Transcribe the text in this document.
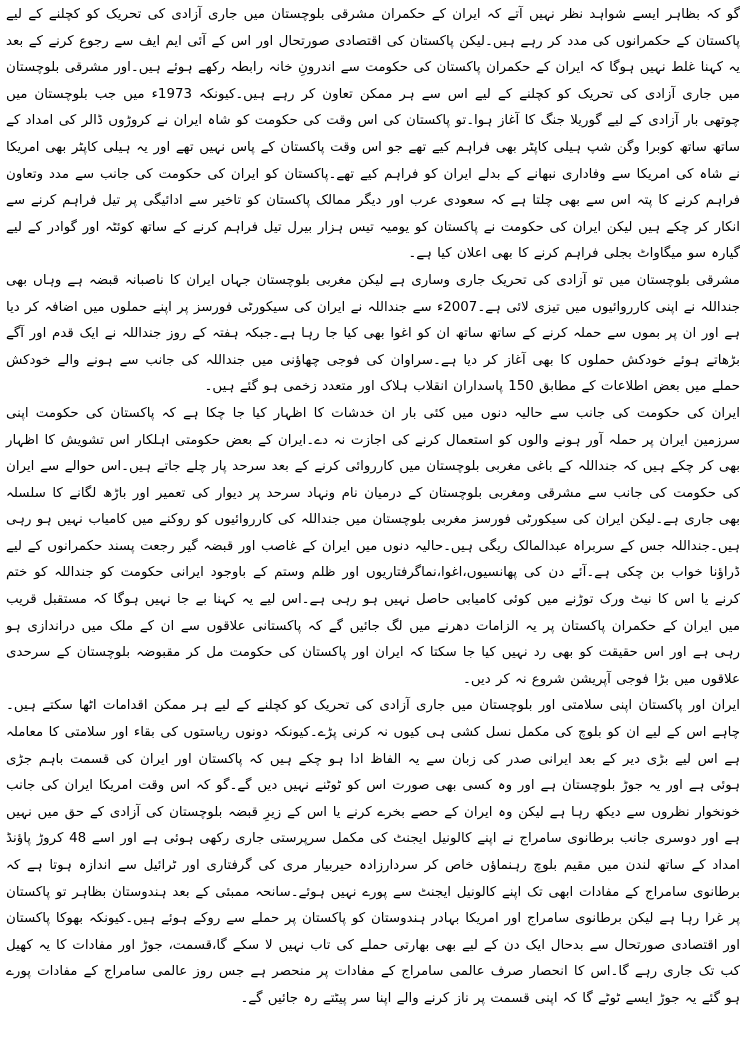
گو کہ بظاہر ایسے شواہد نظر نہیں آتے کہ ایران کے حکمران مشرقی بلوچستان میں جاری آزادی کی تحریک کو کچلنے کے لیے پاکستان کے حکمرانوں کی مدد کر رہے ہیں۔لیکن پاکستان کی اقتصادی صورتحال اور اس کے آئی ایم ایف سے رجوع کرنے کے بعد یہ کہنا غلط نہیں ہوگا کہ ایران کے حکمران پاکستان کی حکومت سے اندرونِ خانہ رابطہ رکھے ہوئے ہیں۔اور مشرقی بلوچستان میں جاری آزادی کی تحریک کو کچلنے کے لیے اس سے ہر ممکن تعاون کر رہے ہیں۔کیونکہ 1973ء میں جب بلوچستان میں چوتھی بار آزادی کے لیے گوریلا جنگ کا آغاز ہوا۔تو پاکستان کی اس وقت کی حکومت کو شاہ ایران نے کروڑوں ڈالر کی امداد کے ساتھ ساتھ کوبرا وگن شپ ہیلی کاپٹر بھی فراہم کیے تھے جو اس وقت پاکستان کے پاس نہیں تھے اور یہ ہیلی کاپٹر بھی امریکا نے شاہ کی امریکا سے وفاداری نبھانے کے بدلے ایران کو فراہم کیے تھے۔پاکستان کو ایران کی حکومت کی جانب سے مدد وتعاون فراہم کرنے کا پتہ اس سے بھی چلتا ہے کہ سعودی عرب اور دیگر ممالک پاکستان کو تاخیر سے ادائیگی پر تیل فراہم کرنے سے انکار کر چکے ہیں لیکن ایران کی حکومت نے پاکستان کو یومیہ تیس ہزار بیرل تیل فراہم کرنے کے ساتھ کوئٹہ اور گوادر کے لیے گیارہ سو میگاواٹ بجلی فراہم کرنے کا بھی اعلان کیا ہے۔

مشرقی بلوچستان میں تو آزادی کی تحریک جاری وساری ہے لیکن مغربی بلوچستان جہاں ایران کا ناصبانہ قبضہ ہے وہاں بھی جنداللہ نے اپنی کارروائیوں میں تیزی لائی ہے۔2007ء سے جنداللہ نے ایران کی سیکورٹی فورسز پر اپنے حملوں میں اضافہ کر دیا ہے اور ان پر بموں سے حملہ کرنے کے ساتھ ساتھ ان کو اغوا بھی کیا جا رہا ہے۔جبکہ ہفتہ کے روز جنداللہ نے ایک قدم اور آگے بڑھاتے ہوئے خودکش حملوں کا بھی آغاز کر دیا ہے۔سراوان کی فوجی چھاؤنی میں جنداللہ کی جانب سے ہونے والے خودکش حملے میں بعض اطلاعات کے مطابق 150 پاسداران انقلاب ہلاک اور متعدد زخمی ہو گئے ہیں۔

ایران کی حکومت کی جانب سے حالیہ دنوں میں کئی بار ان خدشات کا اظہار کیا جا چکا ہے کہ پاکستان کی حکومت اپنی سرزمین ایران پر حملہ آور ہونے والوں کو استعمال کرنے کی اجازت نہ دے۔ایران کے بعض حکومتی اہلکار اس تشویش کا اظہار بھی کر چکے ہیں کہ جنداللہ کے باغی مغربی بلوچستان میں کارروائی کرنے کے بعد سرحد پار چلے جاتے ہیں۔اس حوالے سے ایران کی حکومت کی جانب سے مشرقی ومغربی بلوچستان کے درمیان نام ونہاد سرحد پر دیوار کی تعمیر اور باڑھ لگانے کا سلسلہ بھی جاری ہے۔لیکن ایران کی سیکورٹی فورسز مغربی بلوچستان میں جنداللہ کی کارروائیوں کو روکنے میں کامیاب نہیں ہو رہی ہیں۔جنداللہ جس کے سربراہ عبدالمالک ریگی ہیں۔حالیہ دنوں میں ایران کے غاصب اور قبضہ گیر رجعت پسند حکمرانوں کے لیے ڈراؤنا خواب بن چکی ہے۔آئے دن کی پھانسیوں،اغوا،نماگرفتاریوں اور ظلم وستم کے باوجود ایرانی حکومت کو جنداللہ کو ختم کرنے یا اس کا نیٹ ورک توڑنے میں کوئی کامیابی حاصل نہیں ہو رہی ہے۔اس لیے یہ کہنا بے جا نہیں ہوگا کہ مستقبل قریب میں ایران کے حکمران پاکستان پر یہ الزامات دھرنے میں لگ جائیں گے کہ پاکستانی علاقوں سے ان کے ملک میں دراندازی ہو رہی ہے اور اس حقیقت کو بھی رد نہیں کیا جا سکتا کہ ایران اور پاکستان کی حکومت مل کر مقبوضہ بلوچستان کے سرحدی علاقوں میں بڑا فوجی آپریشن شروع نہ کر دیں۔

ایران اور پاکستان اپنی سلامتی اور بلوچستان میں جاری آزادی کی تحریک کو کچلنے کے لیے ہر ممکن اقدامات اٹھا سکتے ہیں۔چاہے اس کے لیے ان کو بلوچ کی مکمل نسل کشی ہی کیوں نہ کرنی پڑے۔کیونکہ دونوں ریاستوں کی بقاء اور سلامتی کا معاملہ ہے اس لیے بڑی دیر کے بعد ایرانی صدر کی زبان سے یہ الفاظ ادا ہو چکے ہیں کہ پاکستان اور ایران کی قسمت باہم جڑی ہوئی ہے اور یہ جوڑ بلوچستان ہے اور وہ کسی بھی صورت اس کو ٹوٹنے نہیں دیں گے۔گو کہ اس وقت امریکا ایران کی جانب خونخوار نظروں سے دیکھ رہا ہے لیکن وہ ایران کے حصے بخرے کرنے یا اس کے زیرِ قبضہ بلوچستان کی آزادی کے حق میں نہیں ہے اور دوسری جانب برطانوی سامراج نے اپنے کالونیل ایجنٹ کی مکمل سرپرستی جاری رکھی ہوئی ہے اور اسے 48 کروڑ پاؤنڈ امداد کے ساتھ لندن میں مقیم بلوچ رہنماؤں خاص کر سردارزادہ حیربیار مری کی گرفتاری اور ٹرائیل سے اندازہ ہوتا ہے کہ برطانوی سامراج کے مفادات ابھی تک اپنے کالونیل ایجنٹ سے پورے نہیں ہوئے۔سانحہ ممبئی کے بعد ہندوستان بظاہر تو پاکستان پر غرا رہا ہے لیکن برطانوی سامراج اور امریکا بہادر ہندوستان کو پاکستان پر حملے سے روکے ہوئے ہیں۔کیونکہ بھوکا پاکستان اور اقتصادی صورتحال سے بدحال ایک دن کے لیے بھی بھارتی حملے کی تاب نہیں لا سکے گا،قسمت، جوڑ اور مفادات کا یہ کھیل کب تک جاری رہے گا۔اس کا انحصار صرف عالمی سامراج کے مفادات پر منحصر ہے جس روز عالمی سامراج کے مفادات پورے ہو گئے یہ جوڑ ایسے ٹوٹے گا کہ اپنی قسمت پر ناز کرنے والے اپنا سر پیٹتے رہ جائیں گے۔
